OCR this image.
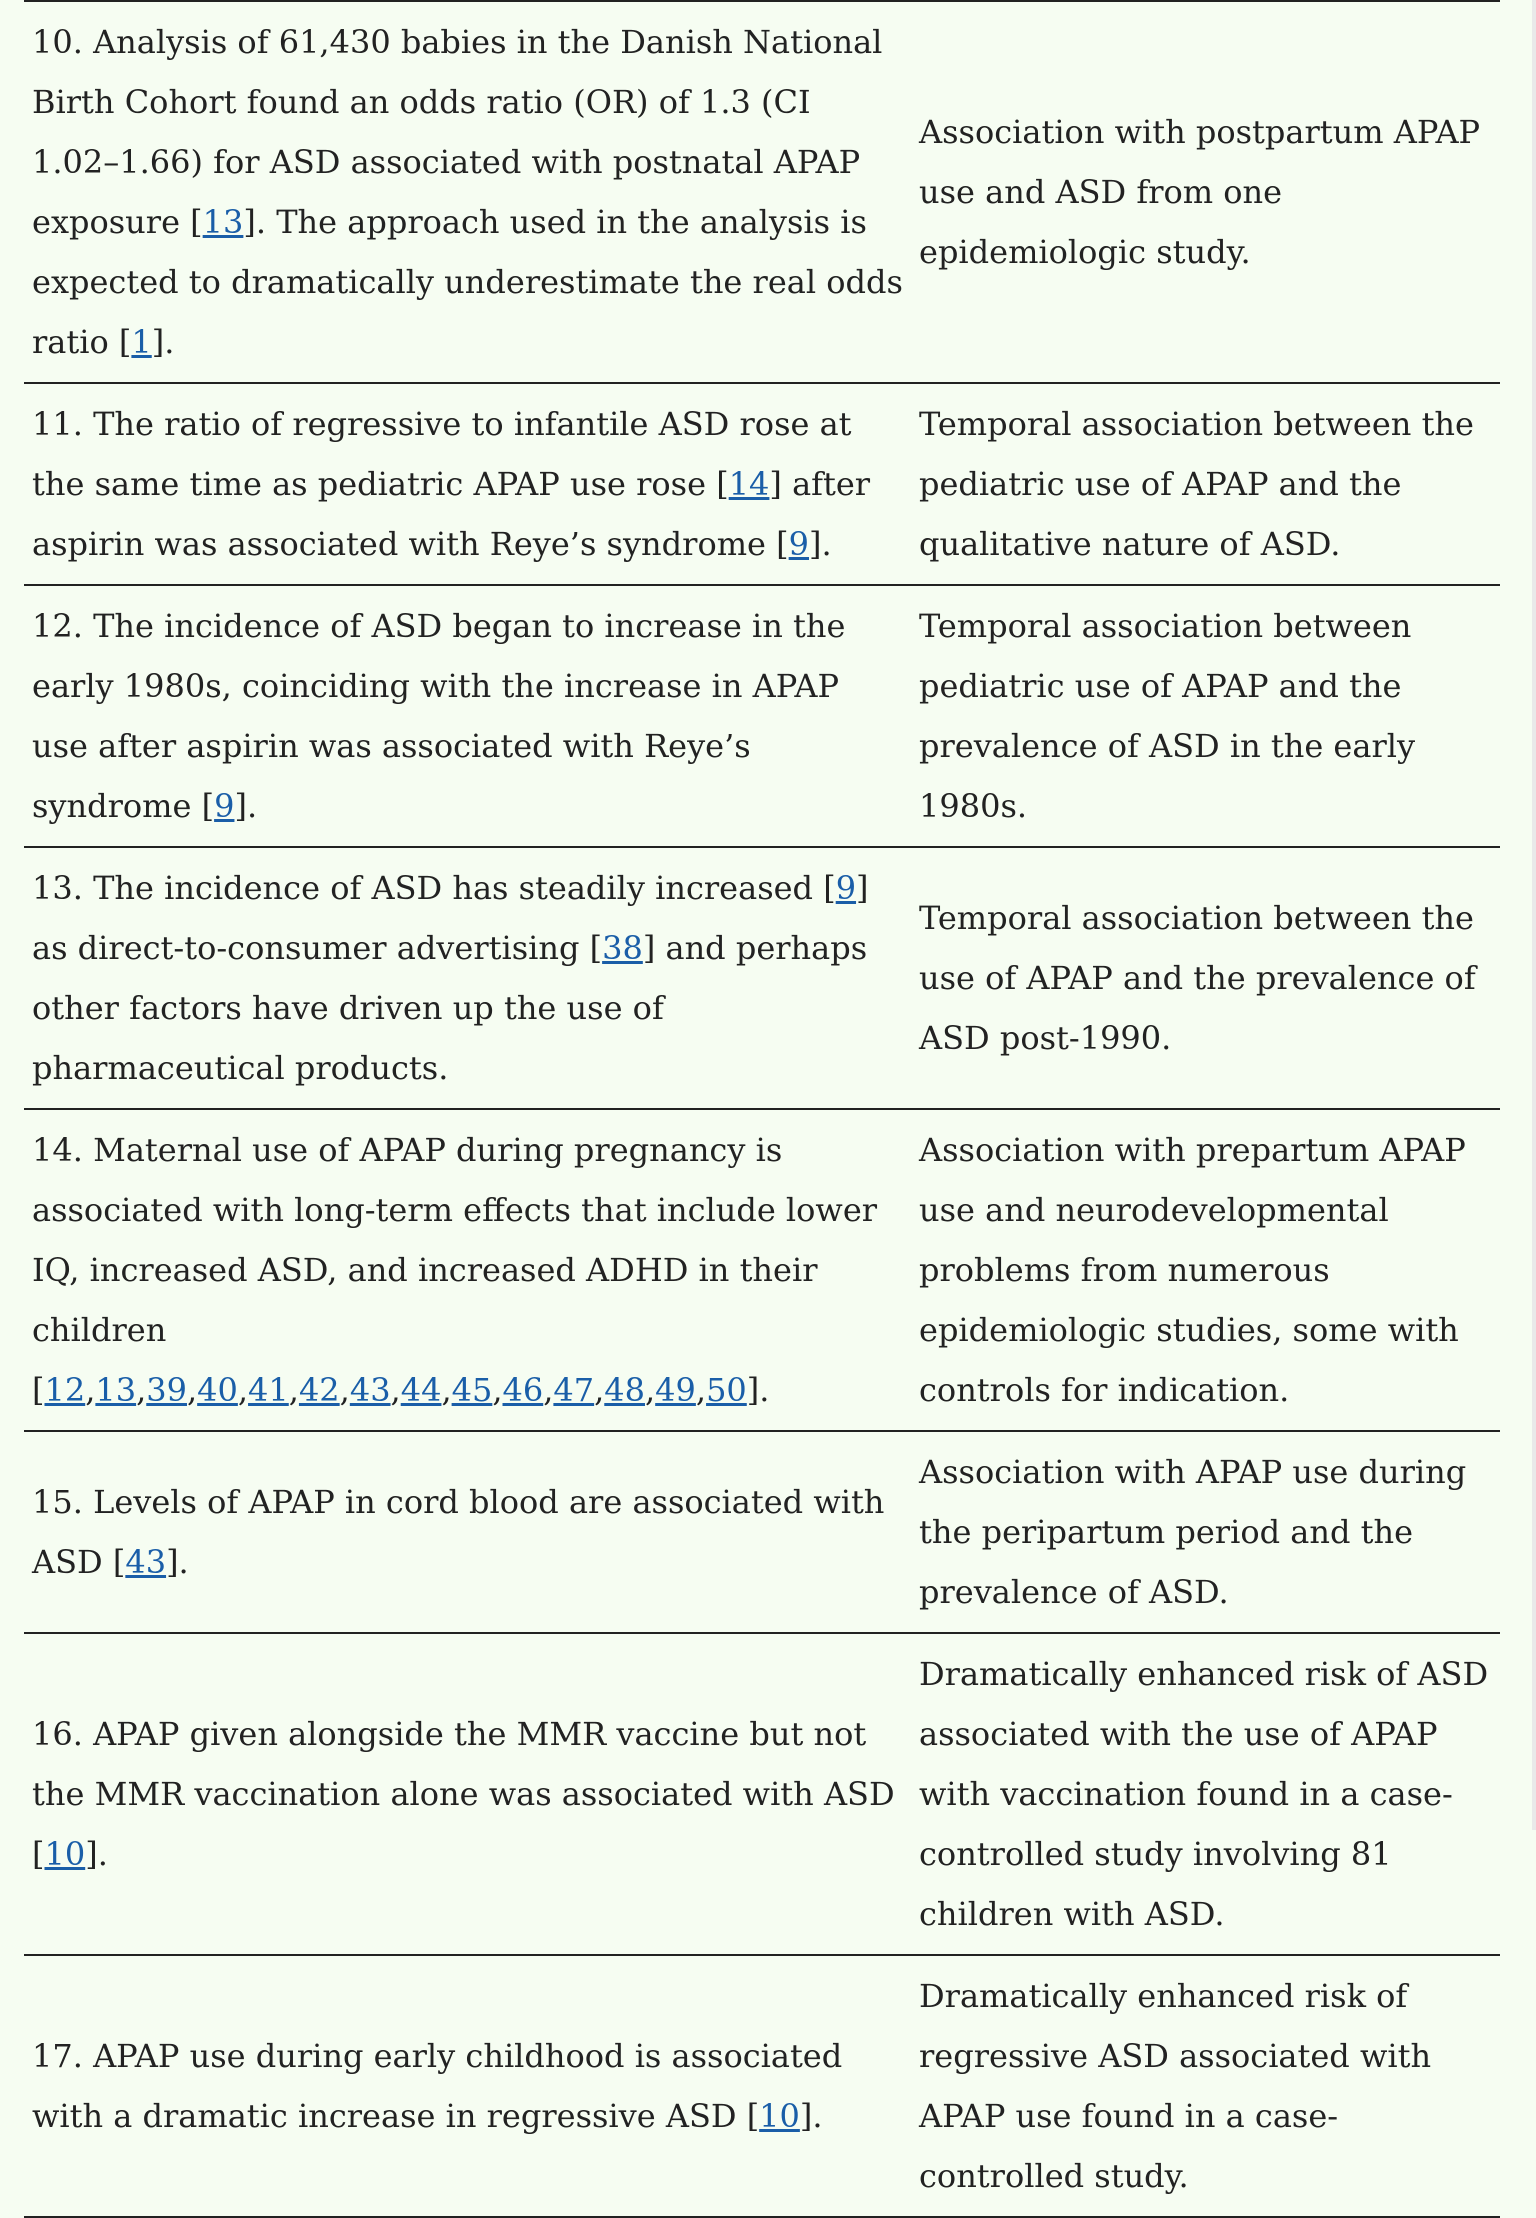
10. Analysis of 61,430 babies in the Danish National Birth Cohort found an odds ratio (OR) of 1.3 (CI 1.02–1.66) for ASD associated with postnatal APAP exposure [13]. The approach used in the analysis is expected to dramatically underestimate the real odds ratio [1].	Association with postpartum APAP use and ASD from one epidemiologic study.
11. The ratio of regressive to infantile ASD rose at the same time as pediatric APAP use rose [14] after aspirin was associated with Reye’s syndrome [9].	Temporal association between the pediatric use of APAP and the qualitative nature of ASD.
12. The incidence of ASD began to increase in the early 1980s, coinciding with the increase in APAP use after aspirin was associated with Reye’s syndrome [9].	Temporal association between pediatric use of APAP and the prevalence of ASD in the early 1980s.
13. The incidence of ASD has steadily increased [9] as direct-to-consumer advertising [38] and perhaps other factors have driven up the use of pharmaceutical products.	Temporal association between the use of APAP and the prevalence of ASD post-1990.
14. Maternal use of APAP during pregnancy is associated with long-term effects that include lower IQ, increased ASD, and increased ADHD in their children [12,13,39,40,41,42,43,44,45,46,47,48,49,50].	Association with prepartum APAP use and neurodevelopmental problems from numerous epidemiologic studies, some with controls for indication.
15. Levels of APAP in cord blood are associated with ASD [43].	Association with APAP use during the peripartum period and the prevalence of ASD.
16. APAP given alongside the MMR vaccine but not the MMR vaccination alone was associated with ASD [10].	Dramatically enhanced risk of ASD associated with the use of APAP with vaccination found in a case-controlled study involving 81 children with ASD.
17. APAP use during early childhood is associated with a dramatic increase in regressive ASD [10].	Dramatically enhanced risk of regressive ASD associated with APAP use found in a case-controlled study.
